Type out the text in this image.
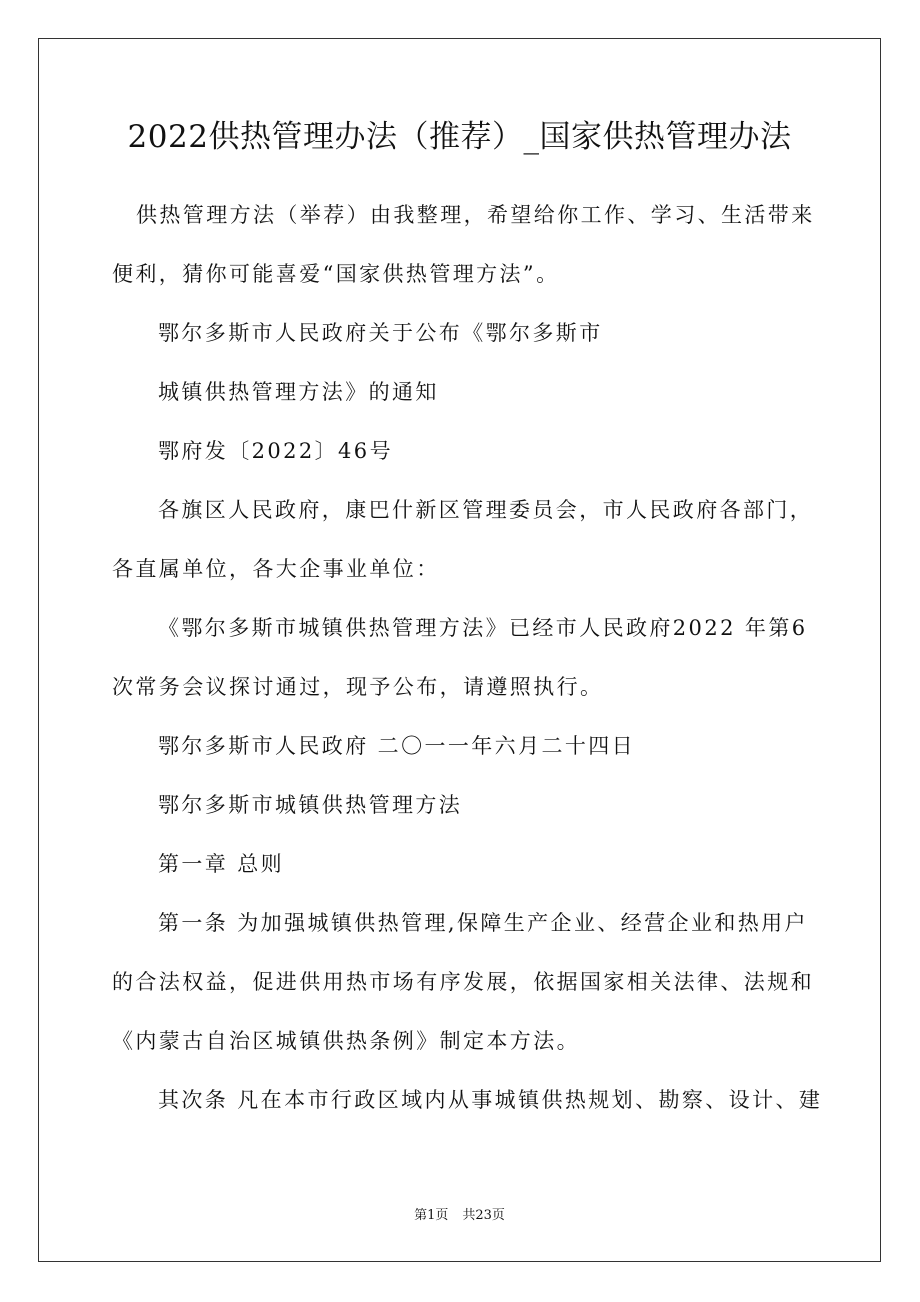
2022供热管理办法（推荐）_国家供热管理办法
供热管理方法（举荐）由我整理，希望给你工作、学习、生活带来
便利，猜你可能喜爱“国家供热管理方法”。
鄂尔多斯市人民政府关于公布《鄂尔多斯市
城镇供热管理方法》的通知
鄂府发〔2022〕46号
各旗区人民政府，康巴什新区管理委员会，市人民政府各部门，
各直属单位，各大企事业单位：
《鄂尔多斯市城镇供热管理方法》已经市人民政府2022 年第6
次常务会议探讨通过，现予公布，请遵照执行。
鄂尔多斯市人民政府 二〇一一年六月二十四日
鄂尔多斯市城镇供热管理方法
第一章 总则
第一条 为加强城镇供热管理,保障生产企业、经营企业和热用户
的合法权益，促进供用热市场有序发展，依据国家相关法律、法规和
《内蒙古自治区城镇供热条例》制定本方法。
其次条 凡在本市行政区域内从事城镇供热规划、勘察、设计、建
第1页 共23页
